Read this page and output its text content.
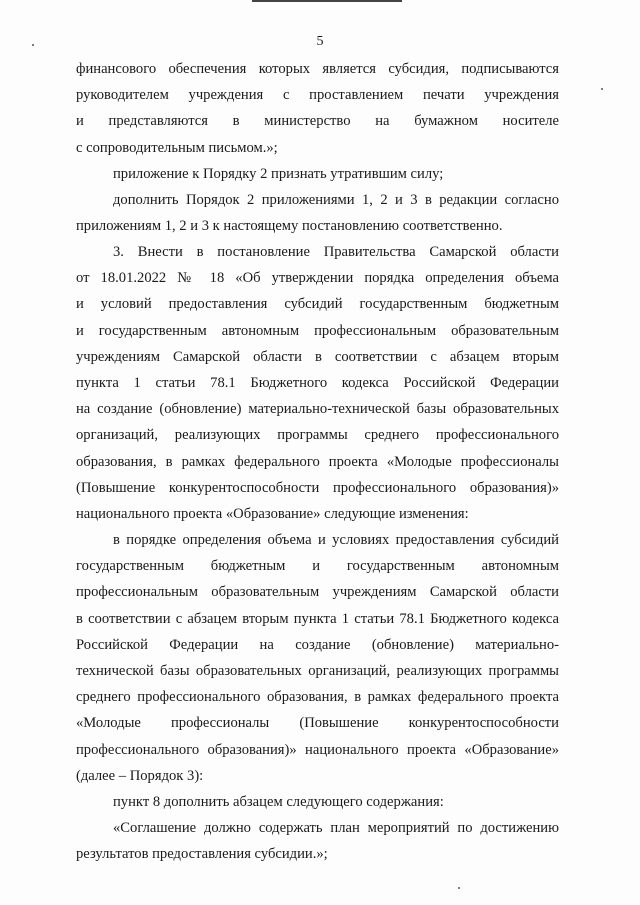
5
финансового обеспечения которых является субсидия, подписываются
руководителем учреждения с проставлением печати учреждения
и представляются в министерство на бумажном носителе
с сопроводительным письмом.»;
приложение к Порядку 2 признать утратившим силу;
дополнить Порядок 2 приложениями 1, 2 и 3 в редакции согласно
приложениям 1, 2 и 3 к настоящему постановлению соответственно.
3. Внести в постановление Правительства Самарской области
от 18.01.2022 № 18 «Об утверждении порядка определения объема
и условий предоставления субсидий государственным бюджетным
и государственным автономным профессиональным образовательным
учреждениям Самарской области в соответствии с абзацем вторым
пункта 1 статьи 78.1 Бюджетного кодекса Российской Федерации
на создание (обновление) материально-технической базы образовательных
организаций, реализующих программы среднего профессионального
образования, в рамках федерального проекта «Молодые профессионалы
(Повышение конкурентоспособности профессионального образования)»
национального проекта «Образование» следующие изменения:
в порядке определения объема и условиях предоставления субсидий
государственным бюджетным и государственным автономным
профессиональным образовательным учреждениям Самарской области
в соответствии с абзацем вторым пункта 1 статьи 78.1 Бюджетного кодекса
Российской Федерации на создание (обновление) материально-
технической базы образовательных организаций, реализующих программы
среднего профессионального образования, в рамках федерального проекта
«Молодые профессионалы (Повышение конкурентоспособности
профессионального образования)» национального проекта «Образование»
(далее – Порядок 3):
пункт 8 дополнить абзацем следующего содержания:
«Соглашение должно содержать план мероприятий по достижению
результатов предоставления субсидии.»;
